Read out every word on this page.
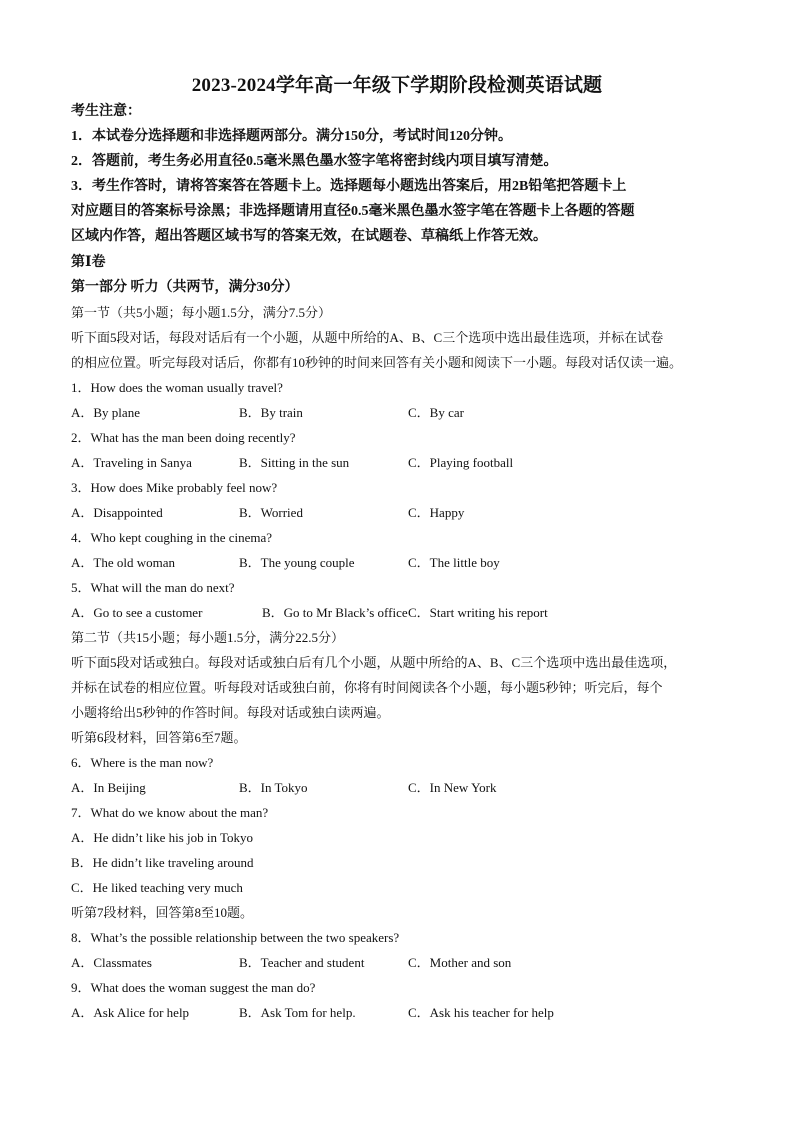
2023-2024学年高一年级下学期阶段检测英语试题
考生注意：
1．本试卷分选择题和非选择题两部分。满分150分，考试时间120分钟。
2．答题前，考生务必用直径0.5毫米黑色墨水签字笔将密封线内项目填写清楚。
3．考生作答时，请将答案答在答题卡上。选择题每小题选出答案后，用2B铅笔把答题卡上
对应题目的答案标号涂黑；非选择题请用直径0.5毫米黑色墨水签字笔在答题卡上各题的答题
区域内作答，超出答题区域书写的答案无效，在试题卷、草稿纸上作答无效。
第Ⅰ卷
第一部分 听力（共两节，满分30分）
第一节（共5小题；每小题1.5分，满分7.5分）
听下面5段对话，每段对话后有一个小题，从题中所给的A、B、C三个选项中选出最佳选项，并标在试卷
的相应位置。听完每段对话后，你都有10秒钟的时间来回答有关小题和阅读下一小题。每段对话仅读一遍。
1．How does the woman usually travel?
A．By plane	B．By train	C．By car
2．What has the man been doing recently?
A．Traveling in Sanya	B．Sitting in the sun	C．Playing football
3．How does Mike probably feel now?
A．Disappointed	B．Worried	C．Happy
4．Who kept coughing in the cinema?
A．The old woman	B．The young couple	C．The little boy
5．What will the man do next?
A．Go to see a customer	B．Go to Mr Black’s office C．Start writing his report
第二节（共15小题；每小题1.5分，满分22.5分）
听下面5段对话或独白。每段对话或独白后有几个小题，从题中所给的A、B、C三个选项中选出最佳选项，
并标在试卷的相应位置。听每段对话或独白前，你将有时间阅读各个小题，每小题5秒钟；听完后，每个
小题将给出5秒钟的作答时间。每段对话或独白读两遍。
听第6段材料，回答第6至7题。
6．Where is the man now?
A．In Beijing	B．In Tokyo	C．In New York
7．What do we know about the man?
A．He didn’t like his job in Tokyo
B．He didn’t like traveling around
C．He liked teaching very much
听第7段材料，回答第8至10题。
8．What’s the possible relationship between the two speakers?
A．Classmates	B．Teacher and student	C．Mother and son
9．What does the woman suggest the man do?
A．Ask Alice for help	B．Ask Tom for help.	C．Ask his teacher for help
